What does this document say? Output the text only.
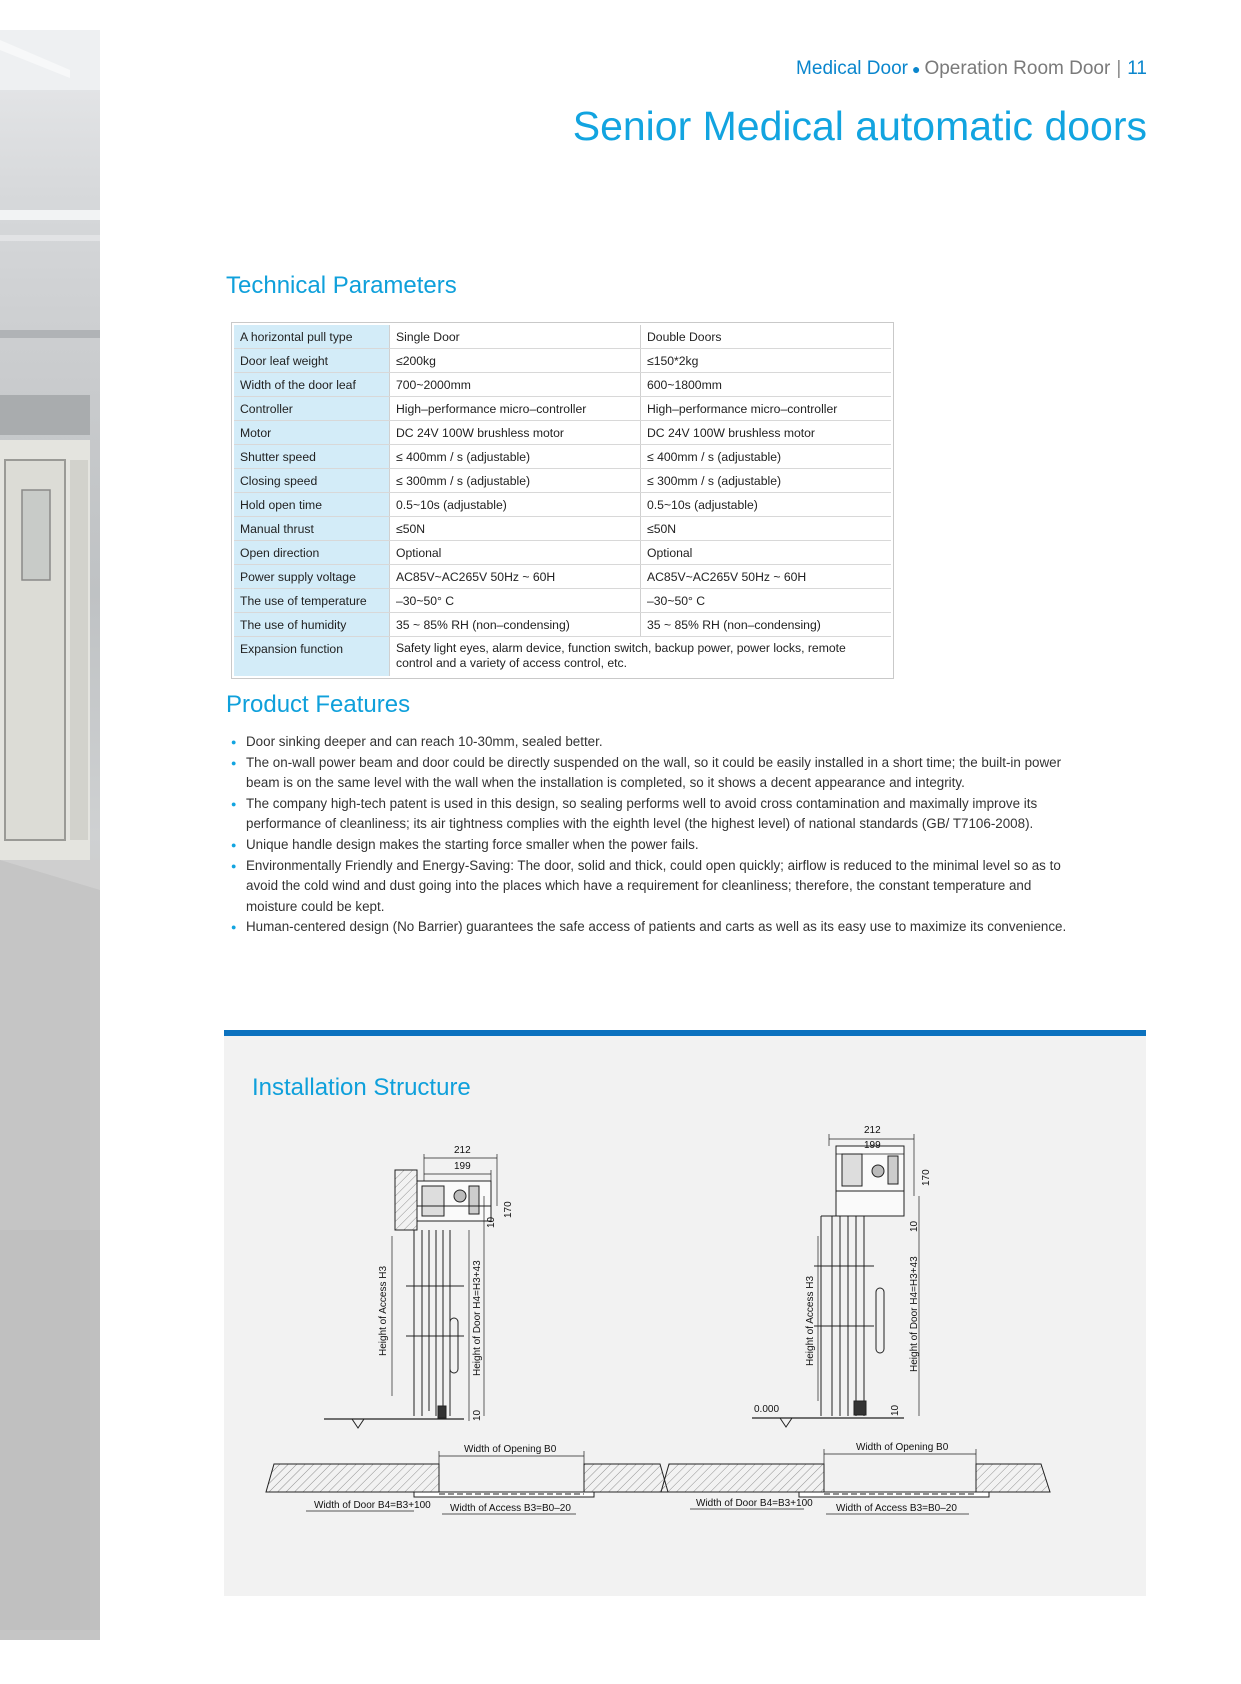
Medical Door ● Operation Room Door | 11
Senior Medical automatic doors
Technical Parameters
A horizontal pull type	Single Door	Double Doors
Door leaf weight	≤200kg	≤150*2kg
Width of the door leaf	700~2000mm	600~1800mm
Controller	High–performance micro–controller	High–performance micro–controller
Motor	DC 24V 100W brushless motor	DC 24V 100W brushless motor
Shutter speed	≤ 400mm / s (adjustable)	≤ 400mm / s (adjustable)
Closing speed	≤ 300mm / s (adjustable)	≤ 300mm / s (adjustable)
Hold open time	0.5~10s (adjustable)	0.5~10s (adjustable)
Manual thrust	≤50N	≤50N
Open direction	Optional	Optional
Power supply voltage	AC85V~AC265V 50Hz ~ 60H	AC85V~AC265V 50Hz ~ 60H
The use of temperature	–30~50° C	–30~50° C
The use of humidity	35 ~ 85% RH (non–condensing)	35 ~ 85% RH (non–condensing)
Expansion function	Safety light eyes, alarm device, function switch, backup power, power locks, remote control and a variety of access control, etc.	
Product Features
● Door sinking deeper and can reach 10-30mm, sealed better.
● The on-wall power beam and door could be directly suspended on the wall, so it could be easily installed in a short time; the built-in power beam is on the same level with the wall when the installation is completed, so it shows a decent appearance and integrity.
● The company high-tech patent is used in this design, so sealing performs well to avoid cross contamination and maximally improve its performance of cleanliness; its air tightness complies with the eighth level (the highest level) of national standards (GB/ T7106-2008).
● Unique handle design makes the starting force smaller when the power fails.
● Environmentally Friendly and Energy-Saving: The door, solid and thick, could open quickly; airflow is reduced to the minimal level so as to avoid the cold wind and dust going into the places which have a requirement for cleanliness; therefore, the constant temperature and moisture could be kept.
● Human-centered design (No Barrier) guarantees the safe access of patients and carts as well as its easy use to maximize its convenience.
Installation Structure
212
199
10
170
Height of Access H3	Height of Door H4=H3+43
10
Width of Opening B0
Width of Door B4=B3+100 Width of Access B3=B0–20
212
199
170
10
Height of Access H3	Height of Door H4=H3+43
10
0.000
Width of Opening B0
Width of Door B4=B3+100 Width of Access B3=B0–20
